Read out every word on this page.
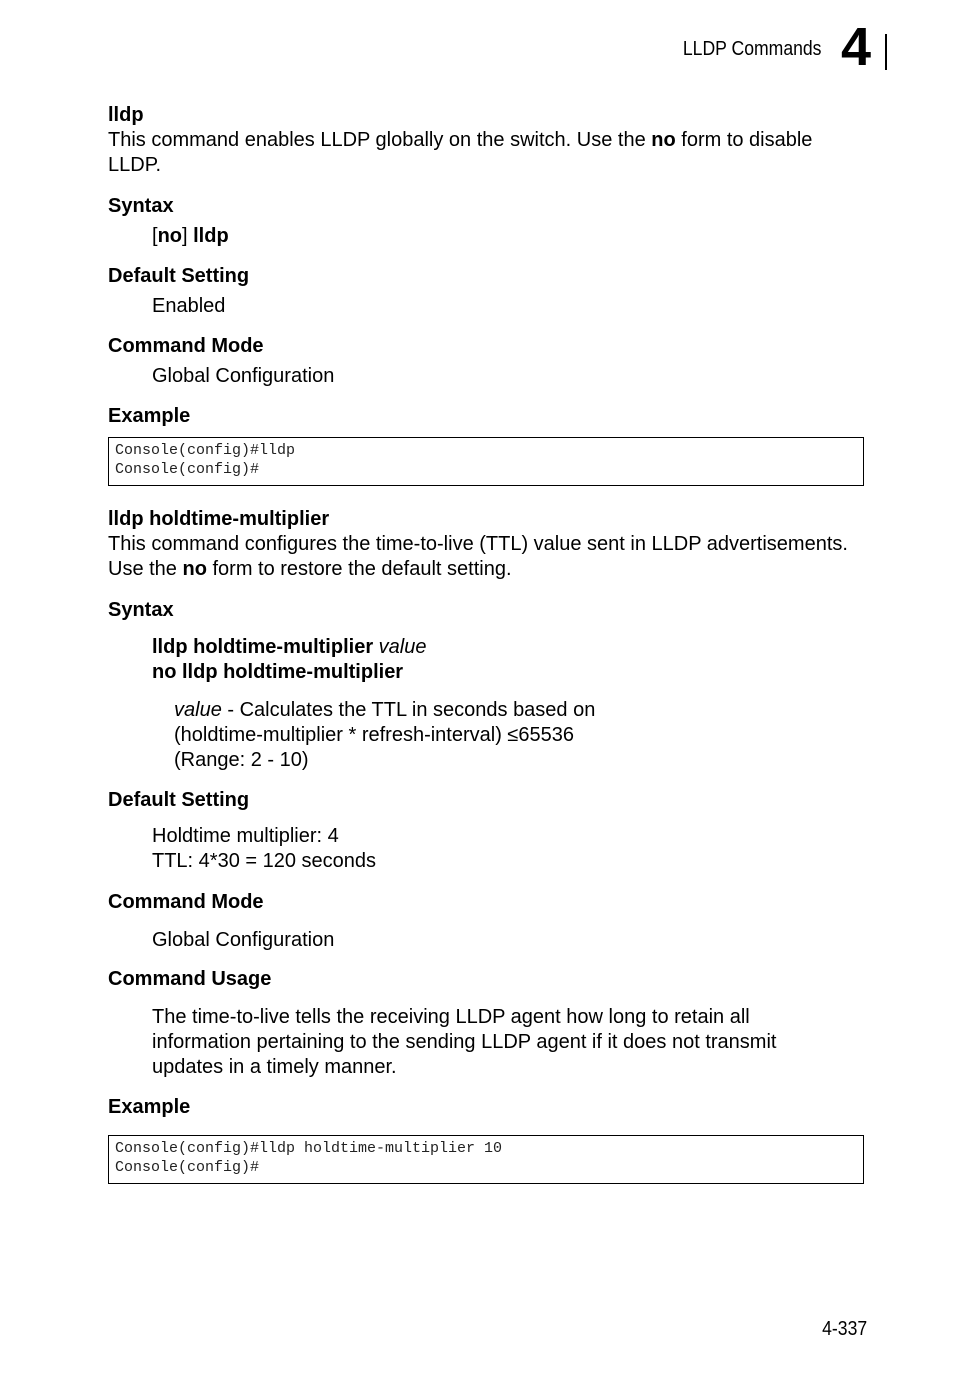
LLDP Commands 4

lldp

This command enables LLDP globally on the switch. Use the no form to disable LLDP.

Syntax

[no] lldp

Default Setting

Enabled

Command Mode

Global Configuration

Example

Console(config)#lldp
Console(config)#

lldp holdtime-multiplier

This command configures the time-to-live (TTL) value sent in LLDP advertisements.
Use the no form to restore the default setting.

Syntax

lldp holdtime-multiplier value
no lldp holdtime-multiplier

value - Calculates the TTL in seconds based on
(holdtime-multiplier * refresh-interval) ≤65536
(Range: 2 - 10)

Default Setting

Holdtime multiplier: 4
TTL: 4*30 = 120 seconds

Command Mode

Global Configuration

Command Usage

The time-to-live tells the receiving LLDP agent how long to retain all
information pertaining to the sending LLDP agent if it does not transmit
updates in a timely manner.

Example

Console(config)#lldp holdtime-multiplier 10
Console(config)#
4-337
